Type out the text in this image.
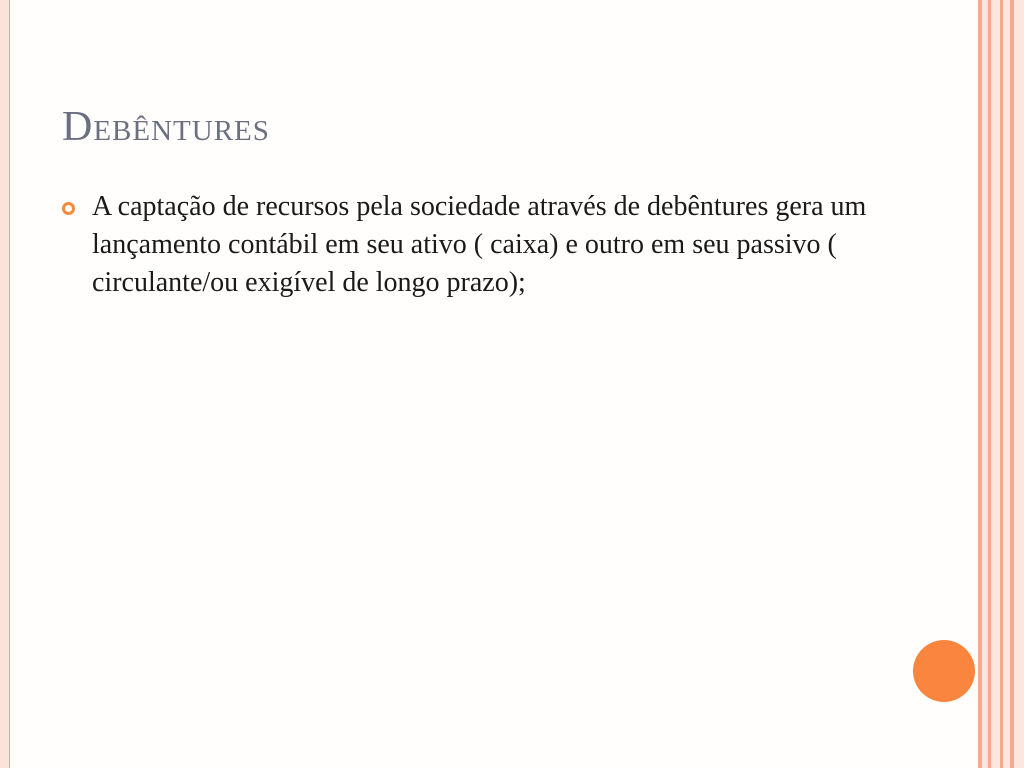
Debêntures
A captação de recursos pela sociedade através de debêntures gera um lançamento contábil em seu ativo ( caixa) e outro em seu passivo ( circulante/ou exigível de longo prazo);
